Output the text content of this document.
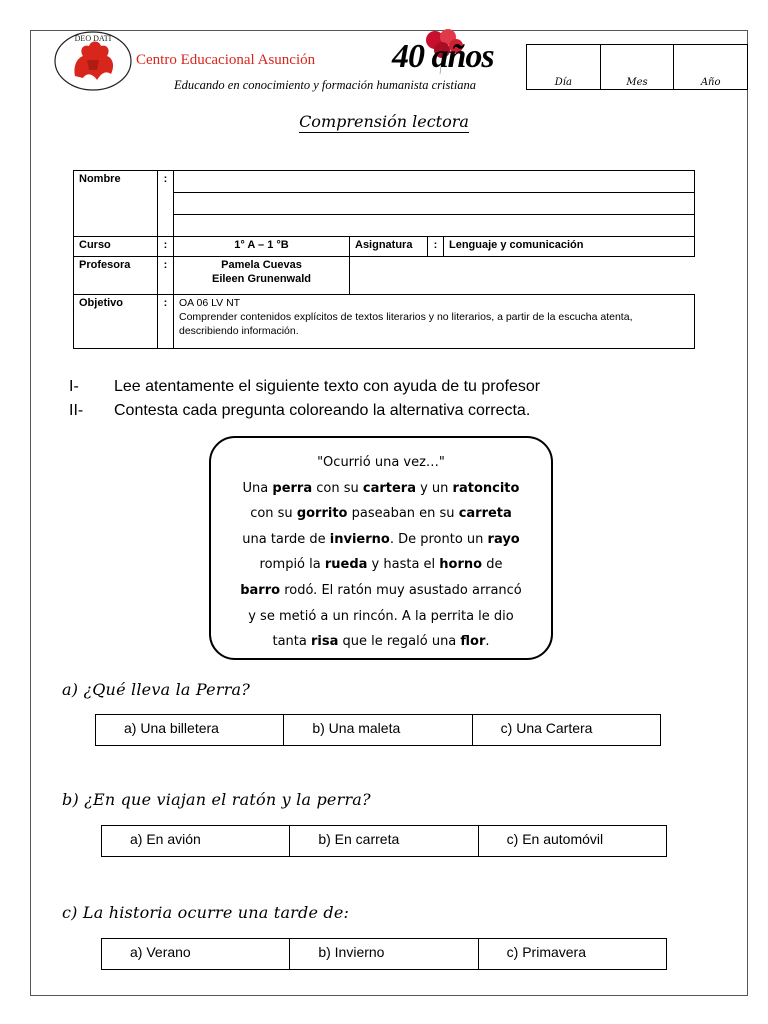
DEO DATI
Centro Educacional Asunción
Educando en conocimiento y formación humanista cristiana
40 años
Día	Mes	Año
Comprensión lectora
Nombre	:				

Curso	:	1° A – 1 °B	Asignatura	:	Lenguaje y comunicación
Profesora	:	Pamela Cuevas
Eileen Grunenwald			

Objetivo	:	OA 06 LV NT
Comprender contenidos explícitos de textos literarios y no literarios, a partir de la escucha atenta, describiendo información.			
I- Lee atentamente el siguiente texto con ayuda de tu profesor
II- Contesta cada pregunta coloreando la alternativa correcta.
"Ocurrió una vez…"
Una perra con su cartera y un ratoncito
con su gorrito paseaban en su carreta
una tarde de invierno. De pronto un rayo
rompió la rueda y hasta el horno de
barro rodó. El ratón muy asustado arrancó
y se metió a un rincón. A la perrita le dio
tanta risa que le regaló una flor.
a) ¿Qué lleva la Perra?
a) Una billetera	b) Una maleta	c) Una Cartera
b) ¿En que viajan el ratón y la perra?
a) En avión	b) En carreta	c) En automóvil
c) La historia ocurre una tarde de:
a) Verano	b) Invierno	c) Primavera
